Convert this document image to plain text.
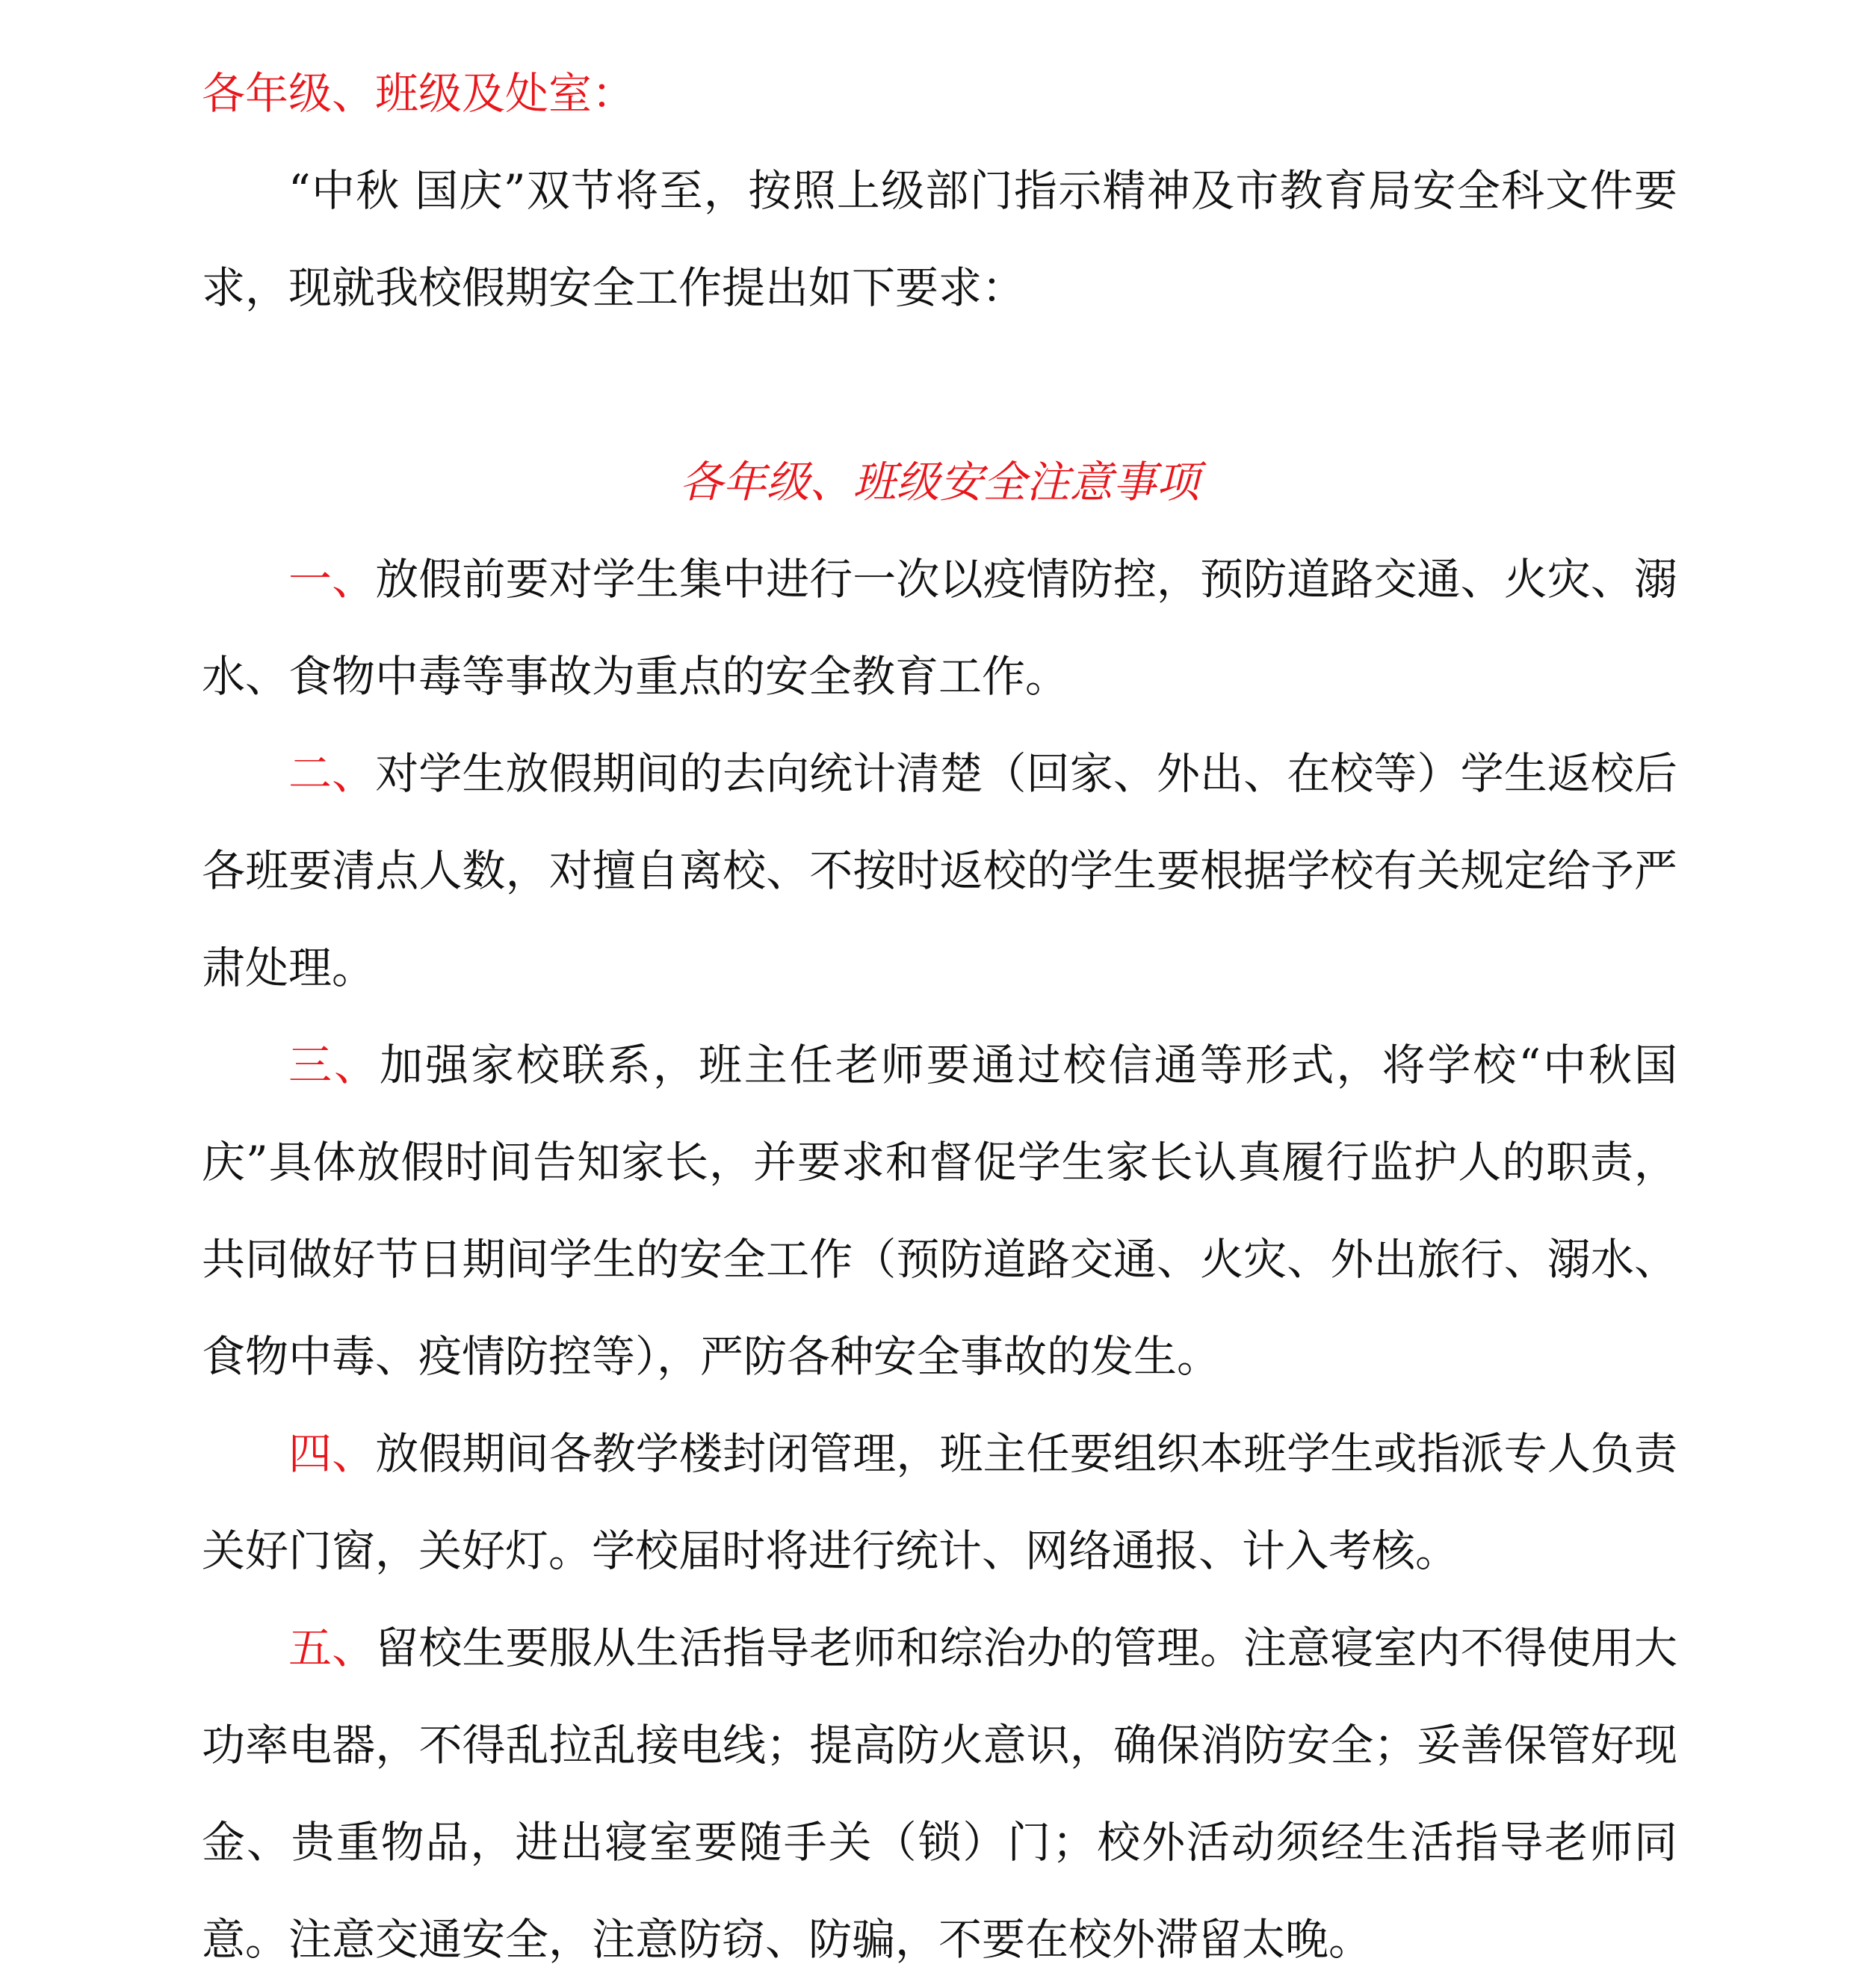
各年级、班级及处室：

“中秋 国庆”双节将至，按照上级部门指示精神及市教育局安全科文件要求，现就我校假期安全工作提出如下要求：

各年级、班级安全注意事项

一、放假前要对学生集中进行一次以疫情防控，预防道路交通、火灾、溺水、食物中毒等事故为重点的安全教育工作。

二、对学生放假期间的去向统计清楚（回家、外出、在校等）学生返校后各班要清点人数，对擅自离校、不按时返校的学生要根据学校有关规定给予严肃处理。

三、加强家校联系，班主任老师要通过校信通等形式，将学校“中秋国庆”具体放假时间告知家长，并要求和督促学生家长认真履行监护人的职责，共同做好节日期间学生的安全工作（预防道路交通、火灾、外出旅行、溺水、食物中毒、疫情防控等），严防各种安全事故的发生。

四、放假期间各教学楼封闭管理，班主任要组织本班学生或指派专人负责关好门窗，关好灯。学校届时将进行统计、网络通报、计入考核。

五、留校生要服从生活指导老师和综治办的管理。注意寝室内不得使用大功率电器，不得乱拉乱接电线；提高防火意识，确保消防安全；妥善保管好现金、贵重物品，进出寝室要随手关（锁）门；校外活动须经生活指导老师同意。注意交通安全，注意防窃、防骗，不要在校外滞留太晚。
